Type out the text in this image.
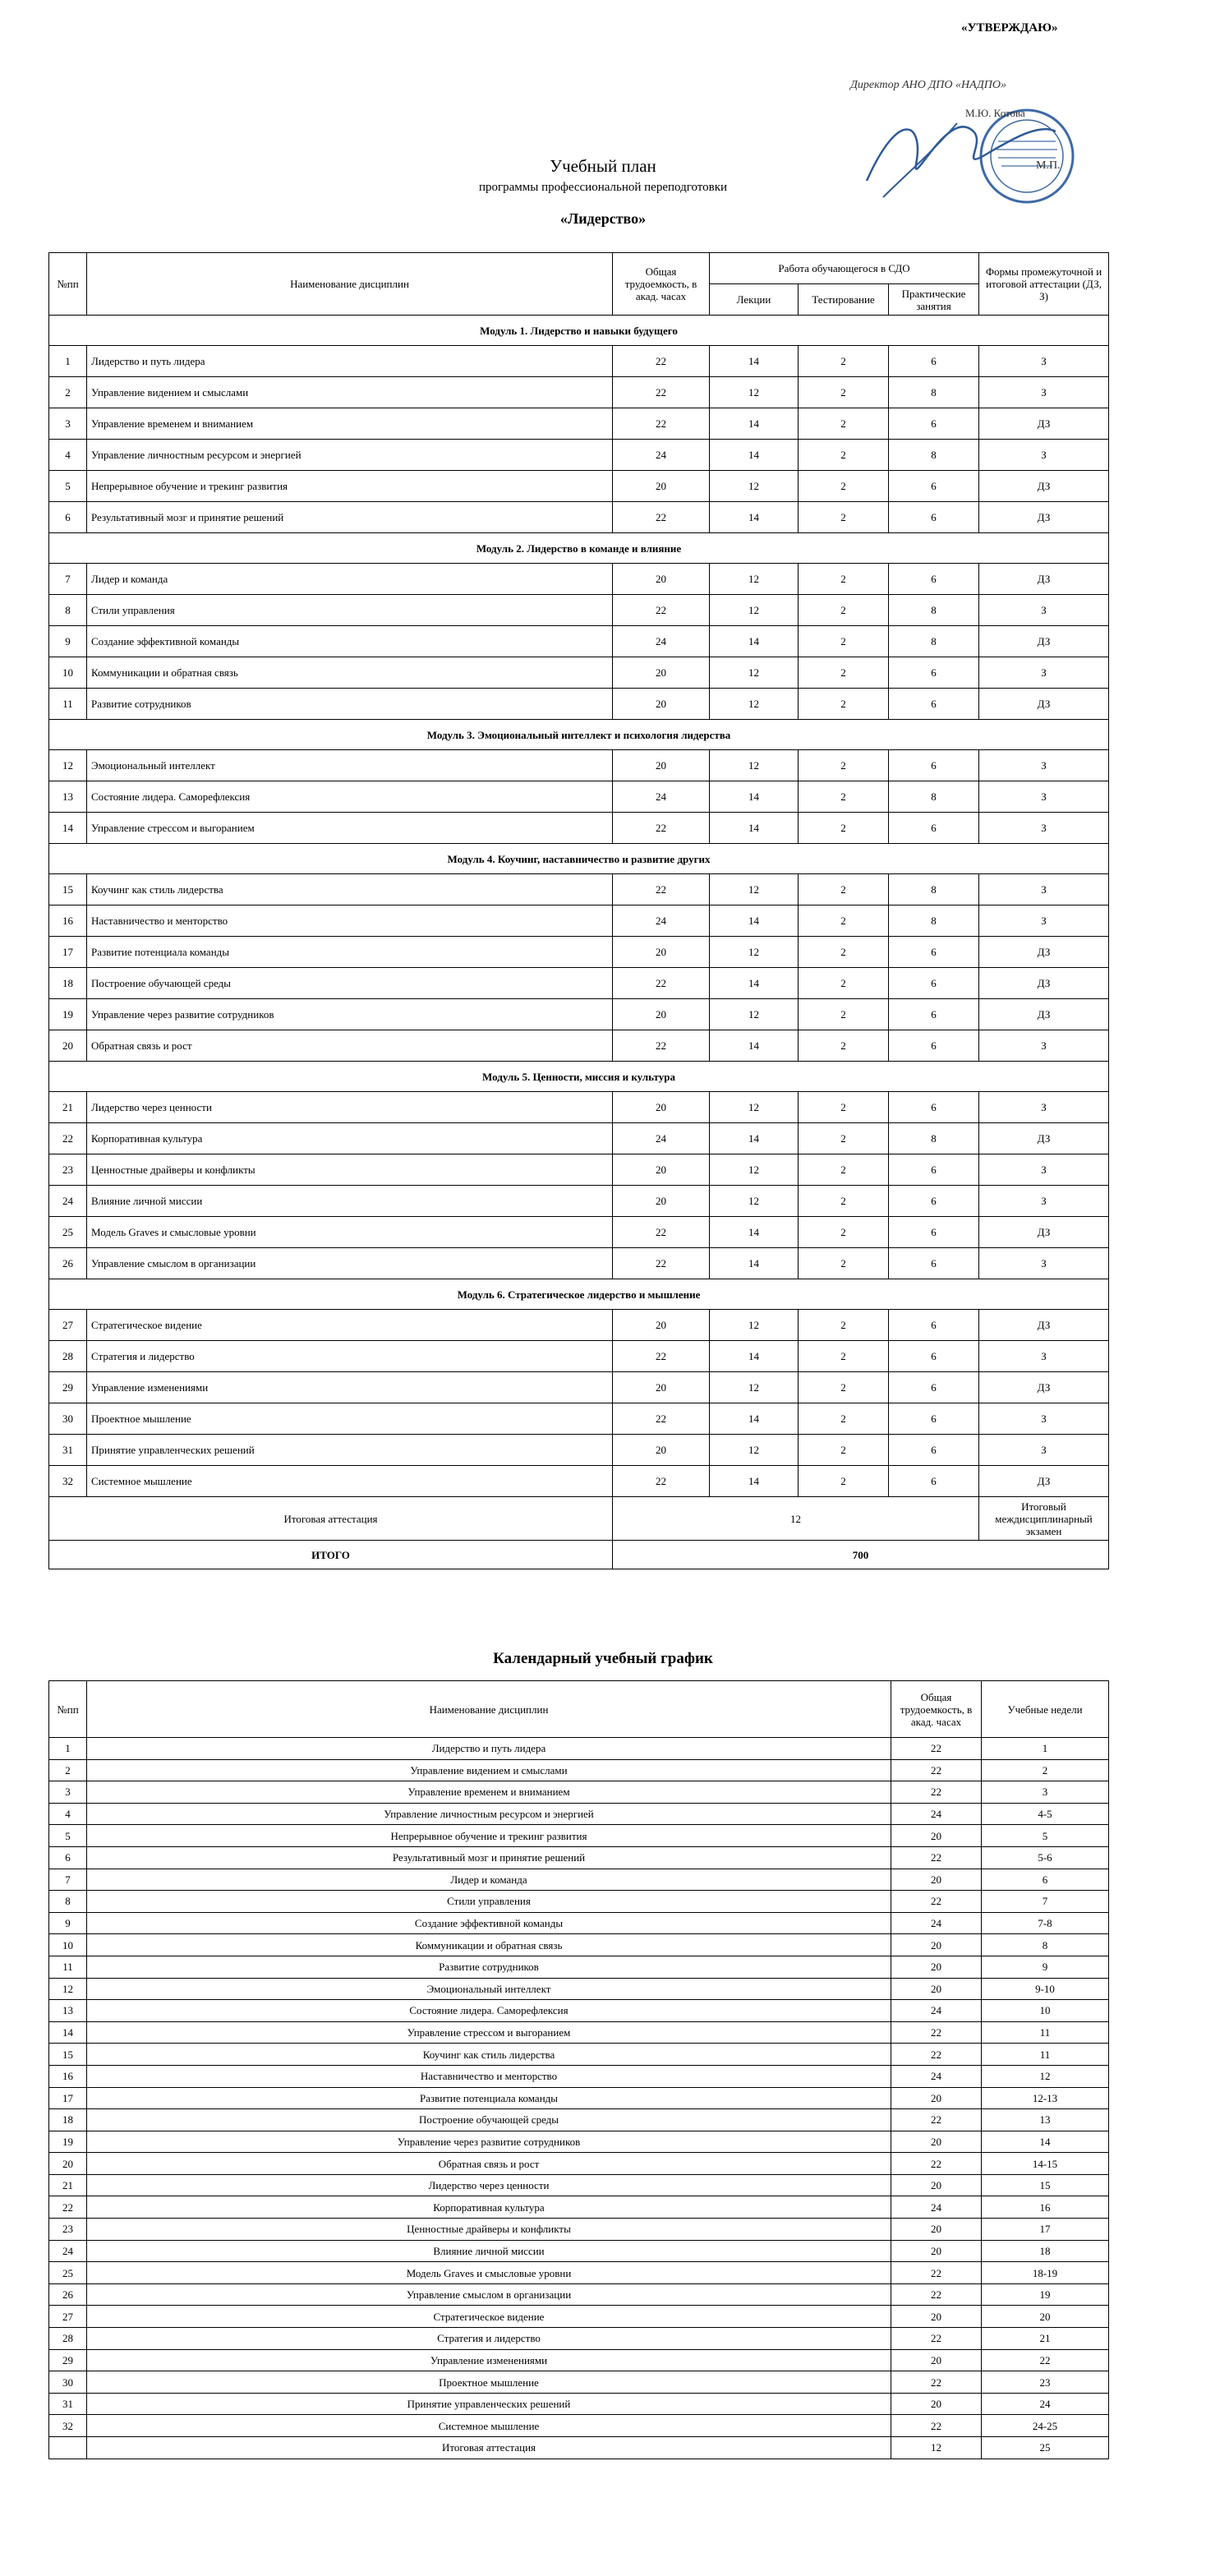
«УТВЕРЖДАЮ»
Директор АНО ДПО «НАДПО»
М.Ю. Котова
М.П.
Учебный план
программы профессиональной переподготовки
«Лидерство»
№пп	Наименование дисциплин	Общая трудоемкость, в акад. часах	Работа обучающегося в СДО			Формы промежуточной и итоговой аттестации (ДЗ, З)
			Лекции	Тестирование	Практические занятия	
Модуль 1. Лидерство и навыки будущего						
1	Лидерство и путь лидера	22	14	2	6	З
2	Управление видением и смыслами	22	12	2	8	З
3	Управление временем и вниманием	22	14	2	6	ДЗ
4	Управление личностным ресурсом и энергией	24	14	2	8	З
5	Непрерывное обучение и трекинг развития	20	12	2	6	ДЗ
6	Результативный мозг и принятие решений	22	14	2	6	ДЗ
Модуль 2. Лидерство в команде и влияние						
7	Лидер и команда	20	12	2	6	ДЗ
8	Стили управления	22	12	2	8	З
9	Создание эффективной команды	24	14	2	8	ДЗ
10	Коммуникации и обратная связь	20	12	2	6	З
11	Развитие сотрудников	20	12	2	6	ДЗ
Модуль 3. Эмоциональный интеллект и психология лидерства						
12	Эмоциональный интеллект	20	12	2	6	З
13	Состояние лидера. Саморефлексия	24	14	2	8	З
14	Управление стрессом и выгоранием	22	14	2	6	З
Модуль 4. Коучинг, наставничество и развитие других						
15	Коучинг как стиль лидерства	22	12	2	8	З
16	Наставничество и менторство	24	14	2	8	З
17	Развитие потенциала команды	20	12	2	6	ДЗ
18	Построение обучающей среды	22	14	2	6	ДЗ
19	Управление через развитие сотрудников	20	12	2	6	ДЗ
20	Обратная связь и рост	22	14	2	6	З
Модуль 5. Ценности, миссия и культура						
21	Лидерство через ценности	20	12	2	6	З
22	Корпоративная культура	24	14	2	8	ДЗ
23	Ценностные драйверы и конфликты	20	12	2	6	З
24	Влияние личной миссии	20	12	2	6	З
25	Модель Graves и смысловые уровни	22	14	2	6	ДЗ
26	Управление смыслом в организации	22	14	2	6	З
Модуль 6. Стратегическое лидерство и мышление						
27	Стратегическое видение	20	12	2	6	ДЗ
28	Стратегия и лидерство	22	14	2	6	З
29	Управление изменениями	20	12	2	6	ДЗ
30	Проектное мышление	22	14	2	6	З
31	Принятие управленческих решений	20	12	2	6	З
32	Системное мышление	22	14	2	6	ДЗ
Итоговая аттестация		12				Итоговый междисциплинарный экзамен
ИТОГО		700				
Календарный учебный график
№пп	Наименование дисциплин	Общая трудоемкость, в акад. часах	Учебные недели
1	Лидерство и путь лидера	22	1
2	Управление видением и смыслами	22	2
3	Управление временем и вниманием	22	3
4	Управление личностным ресурсом и энергией	24	4-5
5	Непрерывное обучение и трекинг развития	20	5
6	Результативный мозг и принятие решений	22	5-6
7	Лидер и команда	20	6
8	Стили управления	22	7
9	Создание эффективной команды	24	7-8
10	Коммуникации и обратная связь	20	8
11	Развитие сотрудников	20	9
12	Эмоциональный интеллект	20	9-10
13	Состояние лидера. Саморефлексия	24	10
14	Управление стрессом и выгоранием	22	11
15	Коучинг как стиль лидерства	22	11
16	Наставничество и менторство	24	12
17	Развитие потенциала команды	20	12-13
18	Построение обучающей среды	22	13
19	Управление через развитие сотрудников	20	14
20	Обратная связь и рост	22	14-15
21	Лидерство через ценности	20	15
22	Корпоративная культура	24	16
23	Ценностные драйверы и конфликты	20	17
24	Влияние личной миссии	20	18
25	Модель Graves и смысловые уровни	22	18-19
26	Управление смыслом в организации	22	19
27	Стратегическое видение	20	20
28	Стратегия и лидерство	22	21
29	Управление изменениями	20	22
30	Проектное мышление	22	23
31	Принятие управленческих решений	20	24
32	Системное мышление	22	24-25
	Итоговая аттестация	12	25
